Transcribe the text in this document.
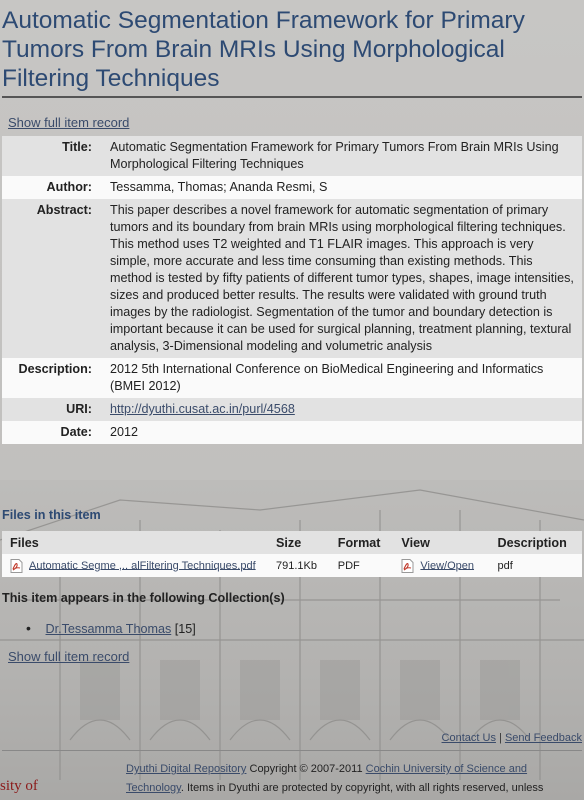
Automatic Segmentation Framework for Primary Tumors From Brain MRIs Using Morphological Filtering Techniques
Show full item record
Title:	Automatic Segmentation Framework for Primary Tumors From Brain MRIs Using Morphological Filtering Techniques
Author:	Tessamma, Thomas; Ananda Resmi, S
Abstract:	This paper describes a novel framework for automatic segmentation of primary tumors and its boundary from brain MRIs using morphological filtering techniques. This method uses T2 weighted and T1 FLAIR images. This approach is very simple, more accurate and less time consuming than existing methods. This method is tested by fifty patients of different tumor types, shapes, image intensities, sizes and produced better results. The results were validated with ground truth images by the radiologist. Segmentation of the tumor and boundary detection is important because it can be used for surgical planning, treatment planning, textural analysis, 3-Dimensional modeling and volumetric analysis
Description:	2012 5th International Conference on BioMedical Engineering and Informatics (BMEI 2012)
URI:	http://dyuthi.cusat.ac.in/purl/4568
Date:	2012
Files in this item
Files	Size	Format	View	Description
Automatic Segme ,.. alFiltering Techniques.pdf	791.1Kb	PDF	View/Open	pdf
This item appears in the following Collection(s)
• Dr.Tessamma Thomas [15]
Show full item record
Contact Us | Send Feedback
Dyuthi Digital Repository Copyright © 2007-2011 Cochin University of Science and Technology. Items in Dyuthi are protected by copyright, with all rights reserved, unless
sity of
